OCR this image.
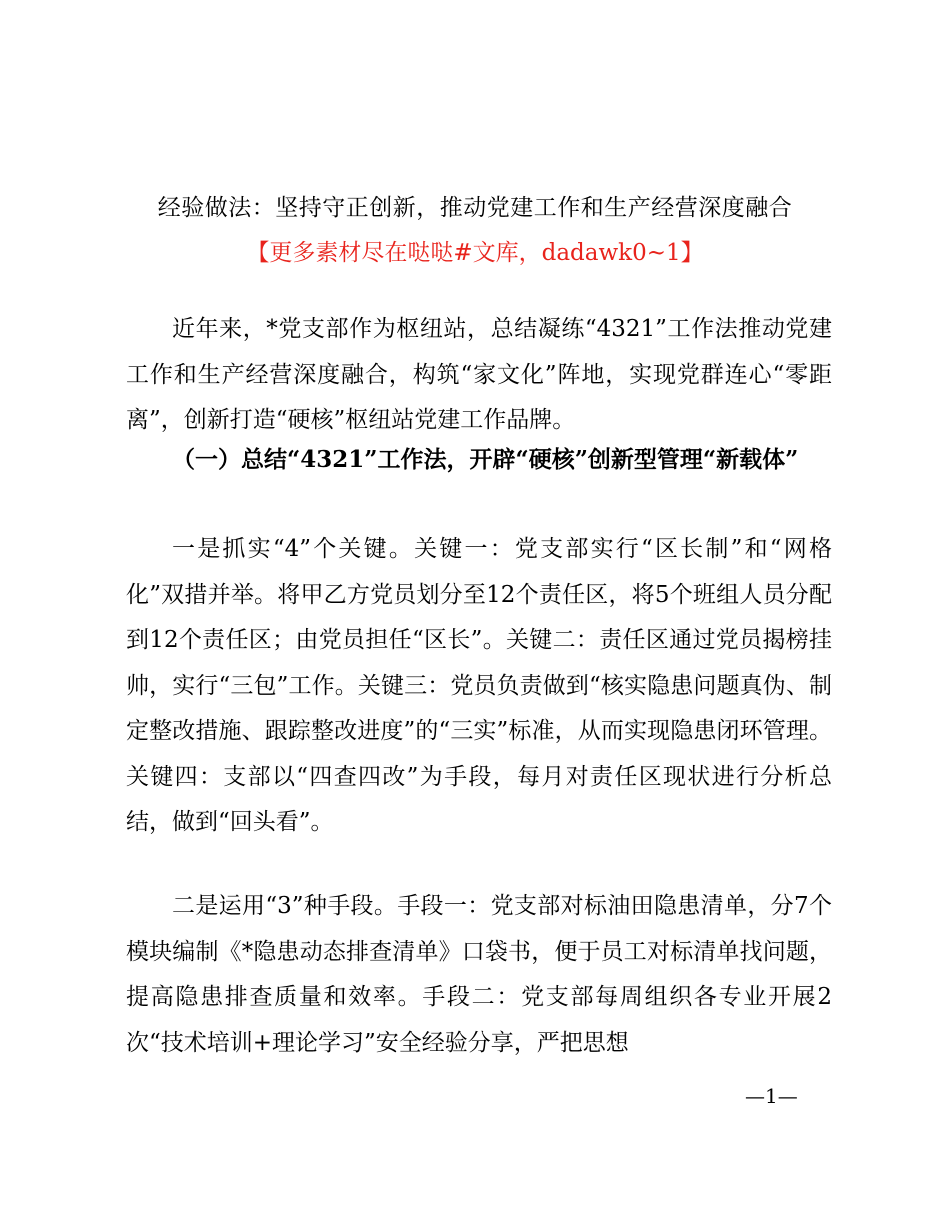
经验做法：坚持守正创新，推动党建工作和生产经营深度融合
【更多素材尽在哒哒#文库，dadawk0~1】

近年来，*党支部作为枢纽站，总结凝练“4321”工作法推动党建工作和生产经营深度融合，构筑“家文化”阵地，实现党群连心“零距离”，创新打造“硬核”枢纽站党建工作品牌。

（一）总结“4321”工作法，开辟“硬核”创新型管理“新载体”

一是抓实“4”个关键。关键一：党支部实行“区长制”和“网格化”双措并举。将甲乙方党员划分至12个责任区，将5个班组人员分配到12个责任区；由党员担任“区长”。关键二：责任区通过党员揭榜挂帅，实行“三包”工作。关键三：党员负责做到“核实隐患问题真伪、制定整改措施、跟踪整改进度”的“三实”标准，从而实现隐患闭环管理。关键四：支部以“四查四改”为手段，每月对责任区现状进行分析总结，做到“回头看”。

二是运用“3”种手段。手段一：党支部对标油田隐患清单，分7个模块编制《*隐患动态排查清单》口袋书，便于员工对标清单找问题，提高隐患排查质量和效率。手段二：党支部每周组织各专业开展2次“技术培训+理论学习”安全经验分享，严把思想

—1—
